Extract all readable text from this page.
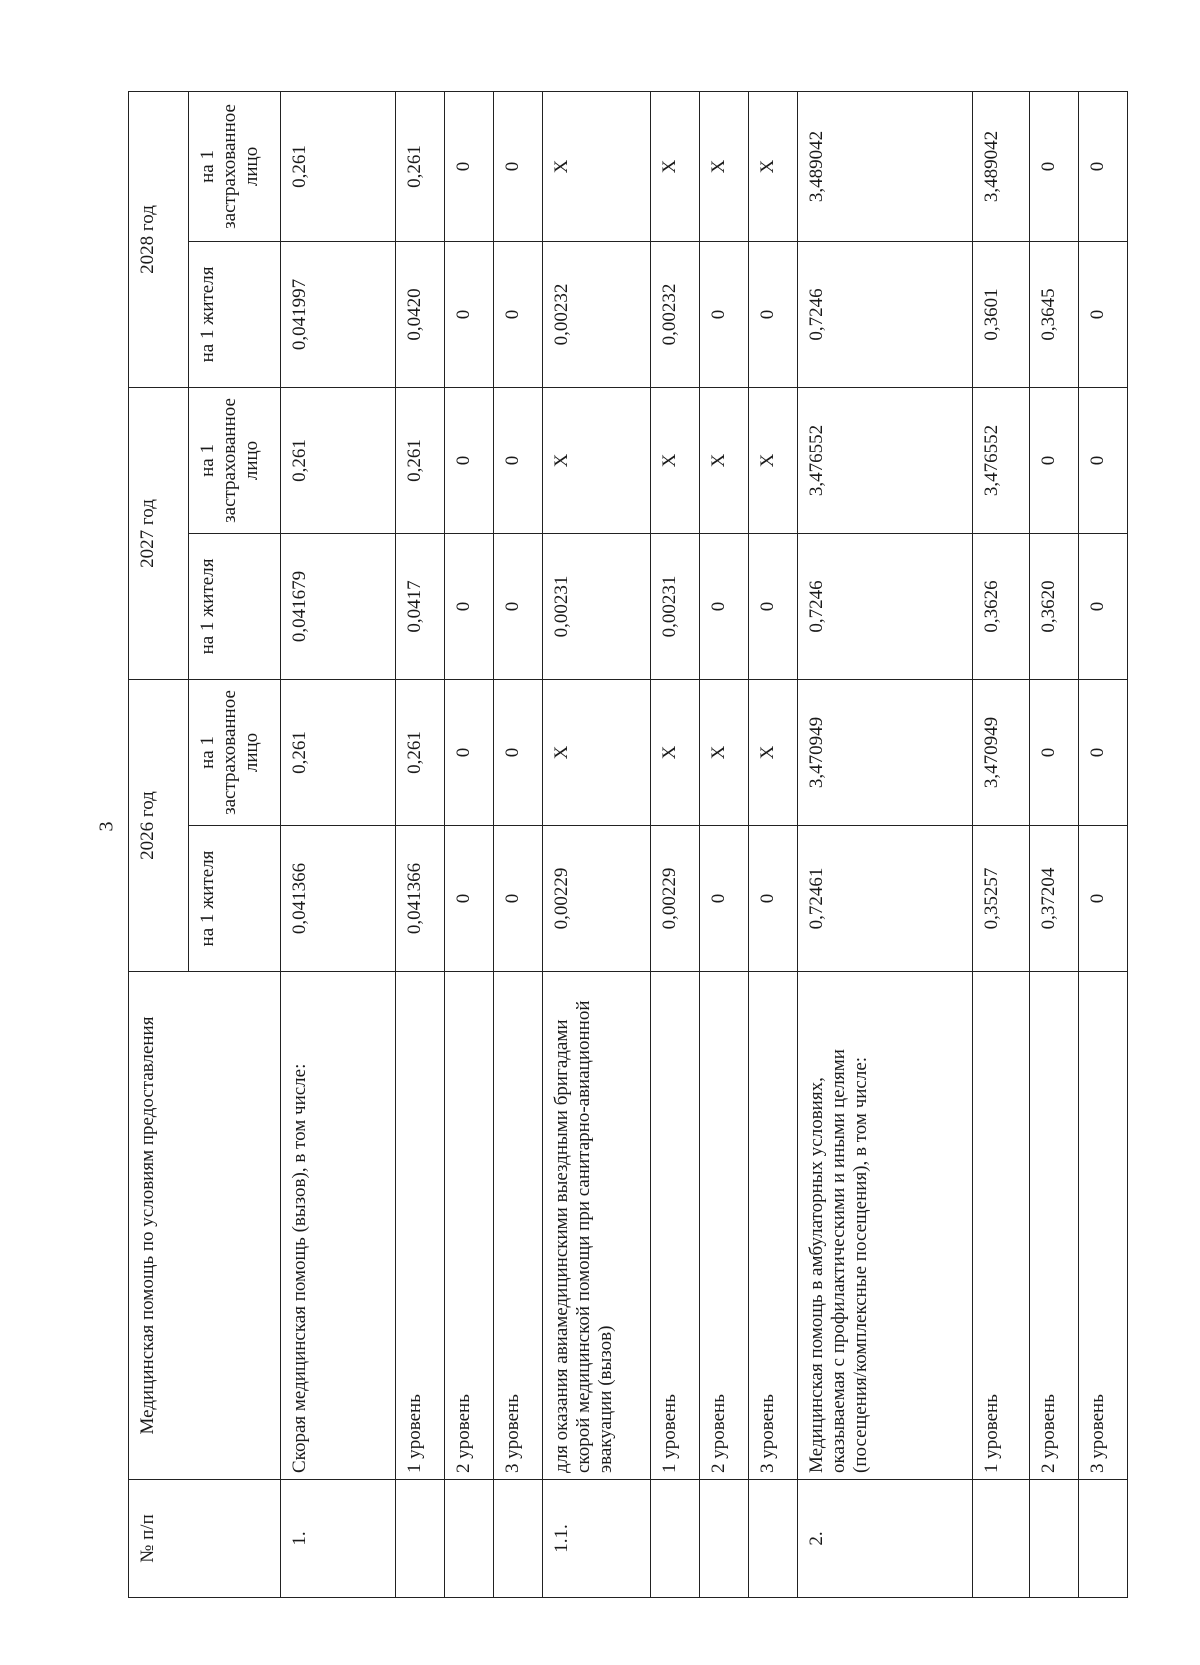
3
№ п/п	Медицинская помощь по условиям предоставления	2026 год		2027 год		2028 год	
		на 1 жителя	на 1 застрахованное лицо	на 1 жителя	на 1 застрахованное лицо	на 1 жителя	на 1 застрахованное лицо
1.	Скорая медицинская помощь (вызов), в том числе:	0,041366	0,261	0,041679	0,261	0,041997	0,261
	1 уровень	0,041366	0,261	0,0417	0,261	0,0420	0,261
	2 уровень	0	0	0	0	0	0
	3 уровень	0	0	0	0	0	0
1.1.	для оказания авиамедицинскими выездными бригадами скорой медицинской помощи при санитарно-авиационной эвакуации (вызов)	0,00229	X	0,00231	X	0,00232	X
	1 уровень	0,00229	X	0,00231	X	0,00232	X
	2 уровень	0	X	0	X	0	X
	3 уровень	0	X	0	X	0	X
2.	Медицинская помощь в амбулаторных условиях, оказываемая с профилактическими и иными целями (посещения/комплексные посещения), в том числе:	0,72461	3,470949	0,7246	3,476552	0,7246	3,489042
	1 уровень	0,35257	3,470949	0,3626	3,476552	0,3601	3,489042
	2 уровень	0,37204	0	0,3620	0	0,3645	0
	3 уровень	0	0	0	0	0	0
